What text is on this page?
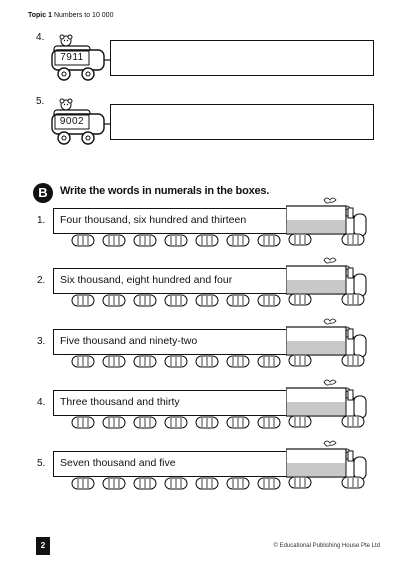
Topic 1 Numbers to 10 000
4.
7911
5.
9002
B	Write the words in numerals in the boxes.
1. Four thousand, six hundred and thirteen
2. Six thousand, eight hundred and four
3. Five thousand and ninety-two
4. Three thousand and thirty
5. Seven thousand and five
2	© Educational Publishing House Pte Ltd
